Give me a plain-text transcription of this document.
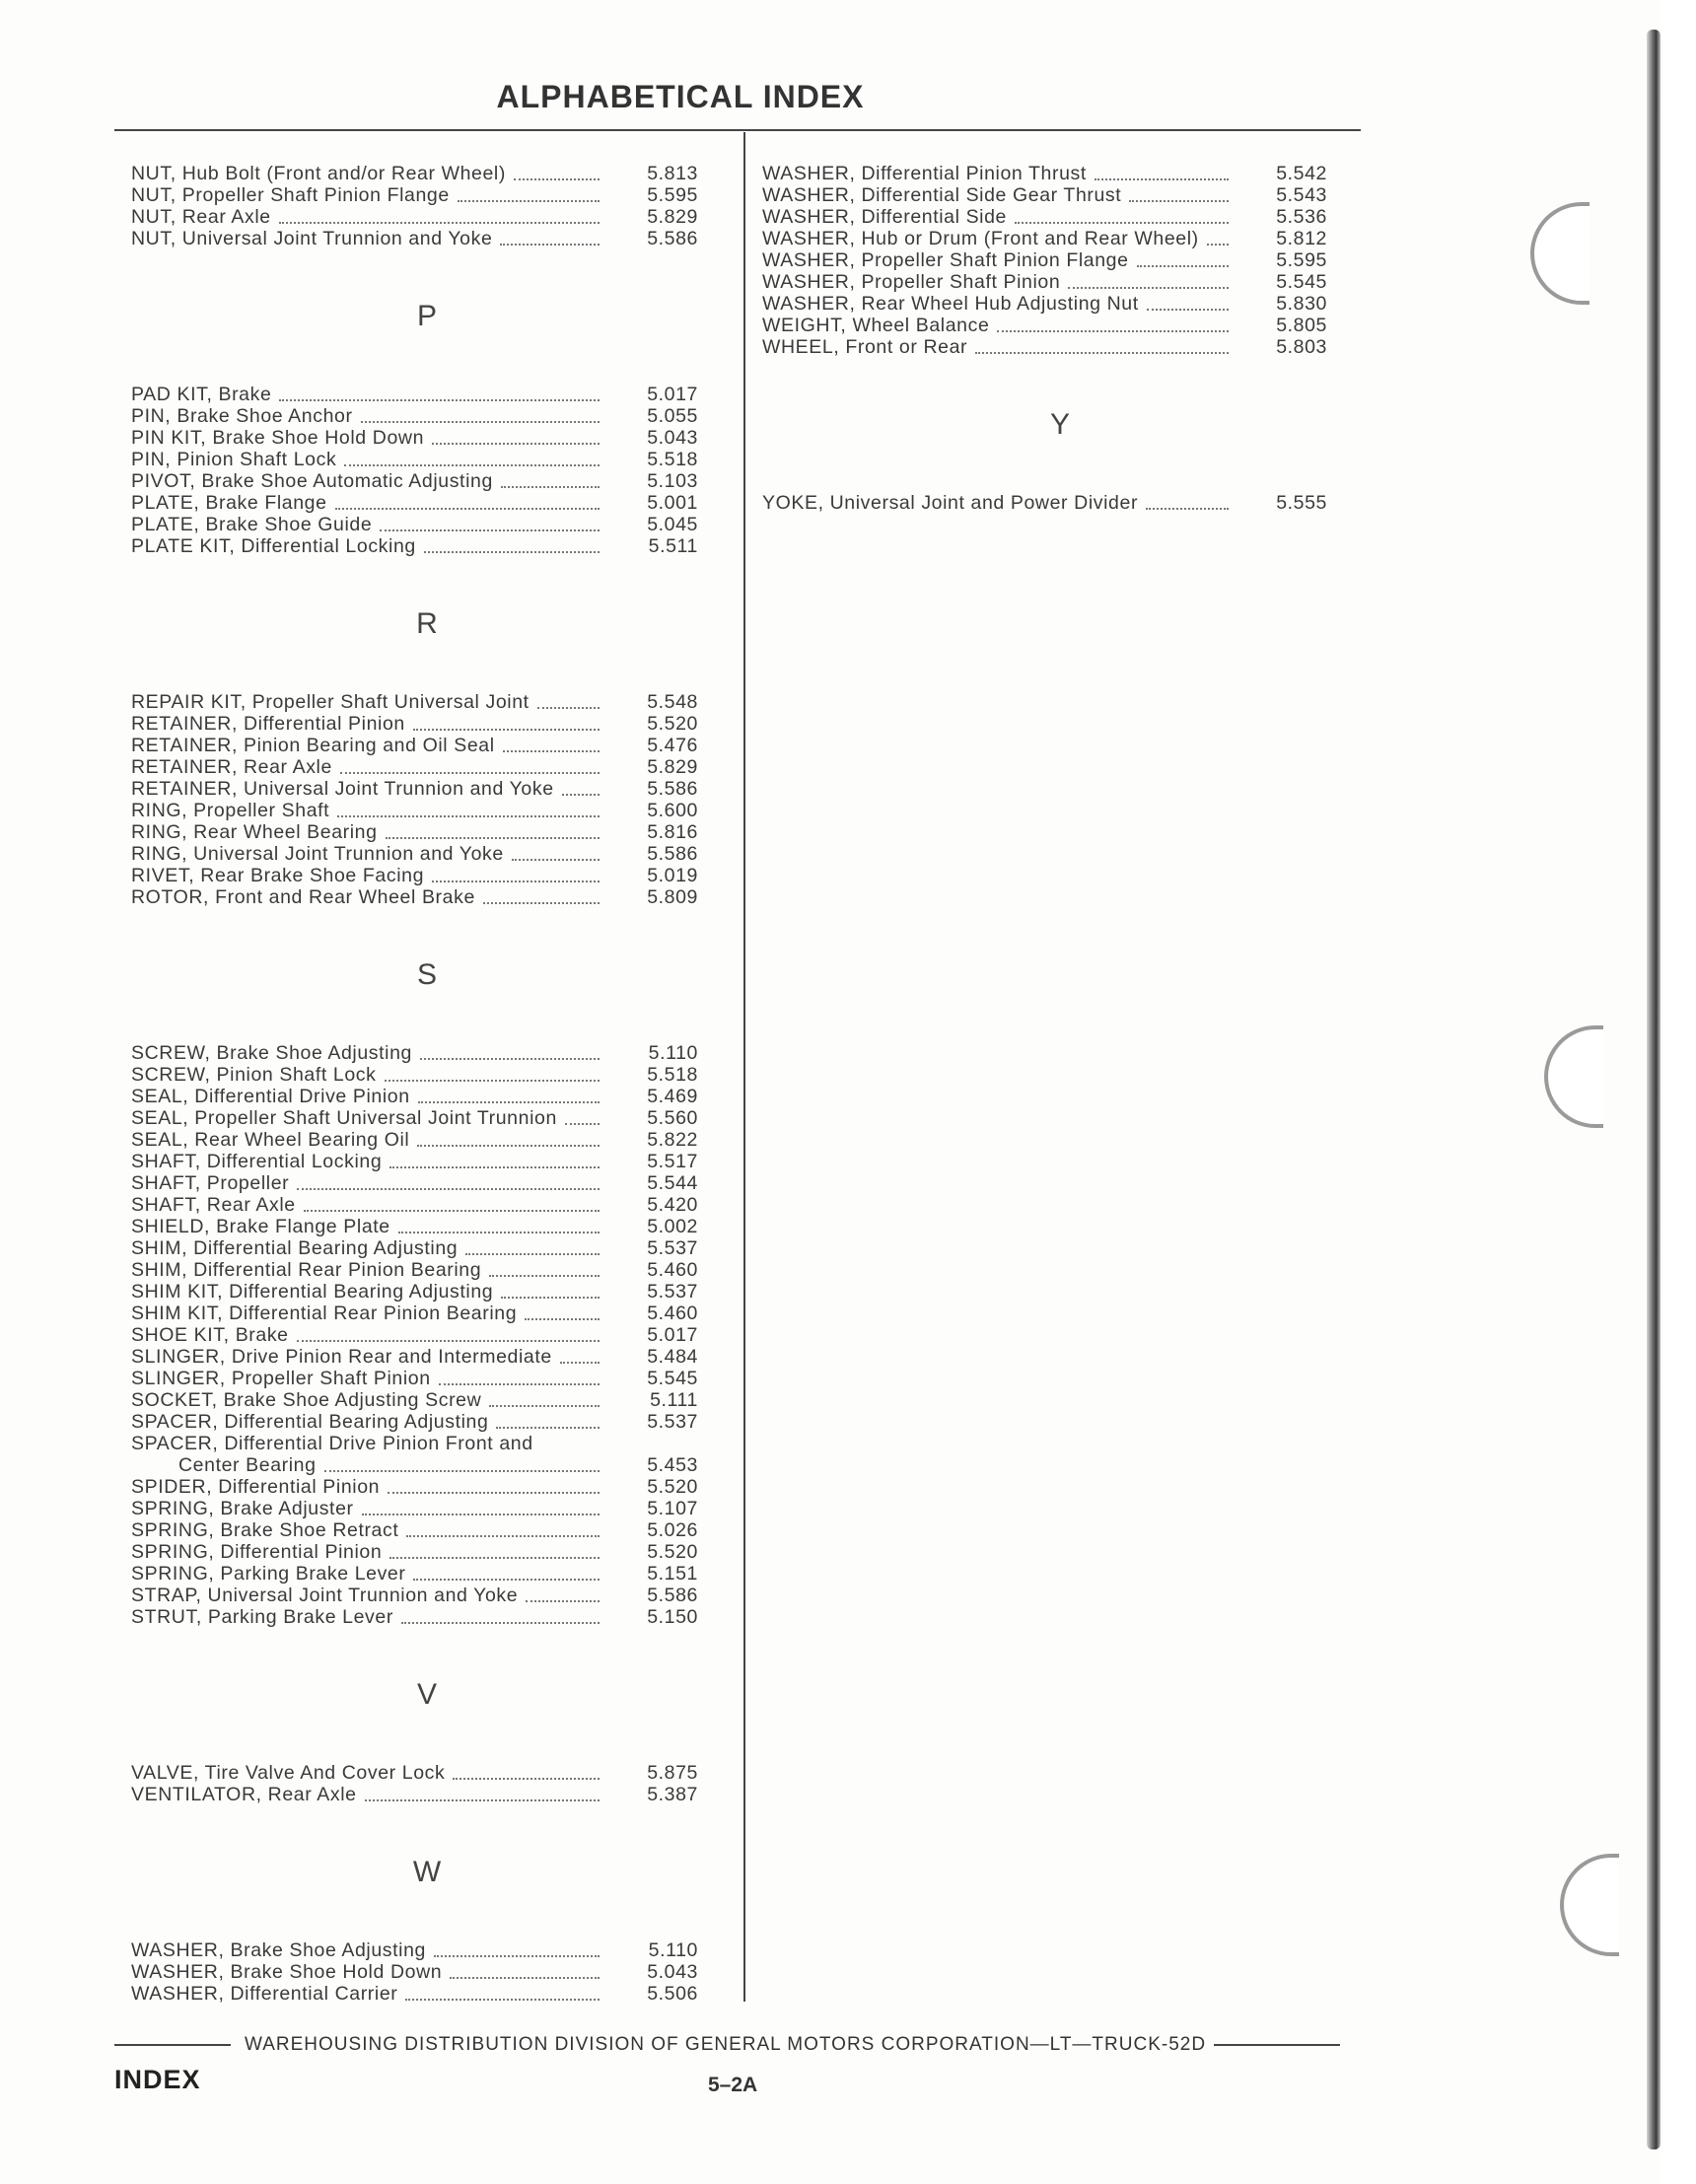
ALPHABETICAL INDEX
NUT, Hub Bolt (Front and/or Rear Wheel)	5.813
NUT, Propeller Shaft Pinion Flange	5.595
NUT, Rear Axle	5.829
NUT, Universal Joint Trunnion and Yoke	5.586
P
PAD KIT, Brake	5.017
PIN, Brake Shoe Anchor	5.055
PIN KIT, Brake Shoe Hold Down	5.043
PIN, Pinion Shaft Lock	5.518
PIVOT, Brake Shoe Automatic Adjusting	5.103
PLATE, Brake Flange	5.001
PLATE, Brake Shoe Guide	5.045
PLATE KIT, Differential Locking	5.511
R
REPAIR KIT, Propeller Shaft Universal Joint	5.548
RETAINER, Differential Pinion	5.520
RETAINER, Pinion Bearing and Oil Seal	5.476
RETAINER, Rear Axle	5.829
RETAINER, Universal Joint Trunnion and Yoke	5.586
RING, Propeller Shaft	5.600
RING, Rear Wheel Bearing	5.816
RING, Universal Joint Trunnion and Yoke	5.586
RIVET, Rear Brake Shoe Facing	5.019
ROTOR, Front and Rear Wheel Brake	5.809
S
SCREW, Brake Shoe Adjusting	5.110
SCREW, Pinion Shaft Lock	5.518
SEAL, Differential Drive Pinion	5.469
SEAL, Propeller Shaft Universal Joint Trunnion	5.560
SEAL, Rear Wheel Bearing Oil	5.822
SHAFT, Differential Locking	5.517
SHAFT, Propeller	5.544
SHAFT, Rear Axle	5.420
SHIELD, Brake Flange Plate	5.002
SHIM, Differential Bearing Adjusting	5.537
SHIM, Differential Rear Pinion Bearing	5.460
SHIM KIT, Differential Bearing Adjusting	5.537
SHIM KIT, Differential Rear Pinion Bearing	5.460
SHOE KIT, Brake	5.017
SLINGER, Drive Pinion Rear and Intermediate	5.484
SLINGER, Propeller Shaft Pinion	5.545
SOCKET, Brake Shoe Adjusting Screw	5.111
SPACER, Differential Bearing Adjusting	5.537
SPACER, Differential Drive Pinion Front and
Center Bearing	5.453
SPIDER, Differential Pinion	5.520
SPRING, Brake Adjuster	5.107
SPRING, Brake Shoe Retract	5.026
SPRING, Differential Pinion	5.520
SPRING, Parking Brake Lever	5.151
STRAP, Universal Joint Trunnion and Yoke	5.586
STRUT, Parking Brake Lever	5.150
V
VALVE, Tire Valve And Cover Lock	5.875
VENTILATOR, Rear Axle	5.387
W
WASHER, Brake Shoe Adjusting	5.110
WASHER, Brake Shoe Hold Down	5.043
WASHER, Differential Carrier	5.506
WASHER, Differential Pinion Thrust	5.542
WASHER, Differential Side Gear Thrust	5.543
WASHER, Differential Side	5.536
WASHER, Hub or Drum (Front and Rear Wheel)	5.812
WASHER, Propeller Shaft Pinion Flange	5.595
WASHER, Propeller Shaft Pinion	5.545
WASHER, Rear Wheel Hub Adjusting Nut	5.830
WEIGHT, Wheel Balance	5.805
WHEEL, Front or Rear	5.803
Y
YOKE, Universal Joint and Power Divider	5.555
WAREHOUSING DISTRIBUTION DIVISION OF GENERAL MOTORS CORPORATION—LT—TRUCK-52D
INDEX	5–2A
